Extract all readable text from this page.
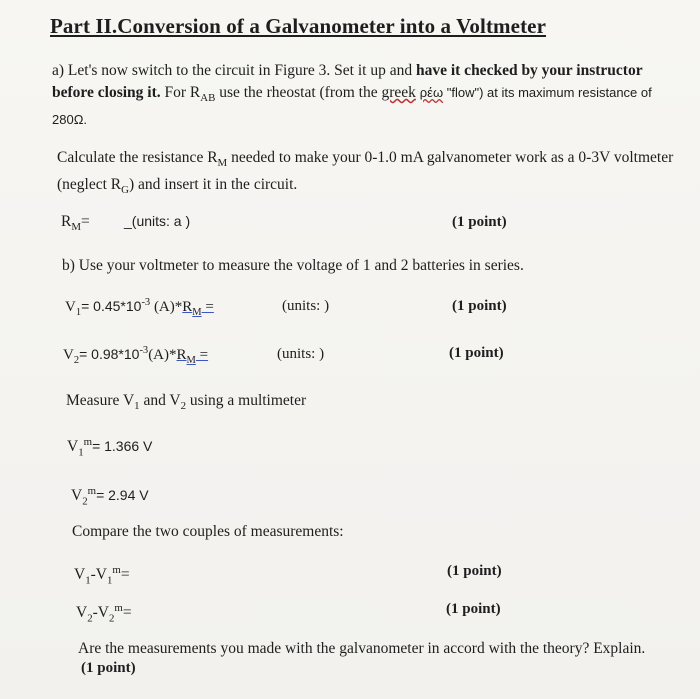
Part II.Conversion of a Galvanometer into a Voltmeter
a) Let's now switch to the circuit in Figure 3. Set it up and have it checked by your instructor before closing it. For $R_{AB}$ use the rheostat (from the greek ρέω "flow") at its maximum resistance of
280Ω.
Calculate the resistance $R_M$ needed to make your 0-1.0 mA galvanometer work as a 0-3V voltmeter (neglect $R_G$) and insert it in the circuit.
$R_M=$ _(units: a )	(1 point)
b) Use your voltmeter to measure the voltage of 1 and 2 batteries in series.
$V_1= 0.45*10^{-3}$ $(A)*R_M$ =	(units: )	(1 point)
$V_2= 0.98*10^{-3}(A)*R_M$ =	(units: )	(1 point)
Measure $V_1$ and $V_2$ using a multimeter
$V_1^m= 1.366$ V
$V_2^m= 2.94$ V
Compare the two couples of measurements:
$V_1-V_1^m=$	(1 point)
$V_2-V_2^m=$	(1 point)
Are the measurements you made with the galvanometer in accord with the theory? Explain.
(1 point)
